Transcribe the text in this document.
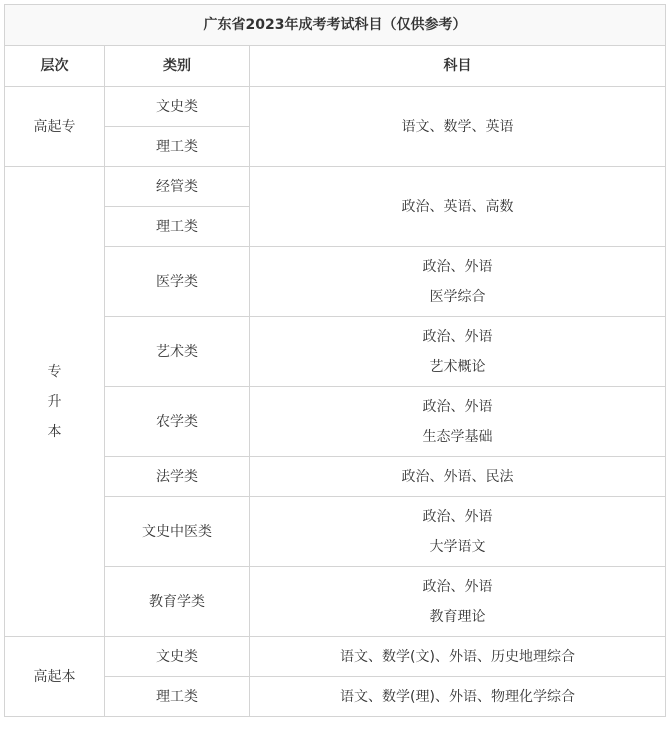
广东省2023年成考考试科目（仅供参考）		
层次	类别	科目
高起专	文史类	语文、数学、英语
	理工类	

专
升
本	经管类	政治、英语、高数
	理工类	
	医学类	政治、外语
医学综合

	艺术类	政治、外语
艺术概论

	农学类	政治、外语
生态学基础

	法学类	政治、外语、民法
	文史中医类	政治、外语
大学语文

	教育学类	政治、外语
教育理论

高起本	文史类	语文、数学(文)、外语、历史地理综合
	理工类	语文、数学(理)、外语、物理化学综合
